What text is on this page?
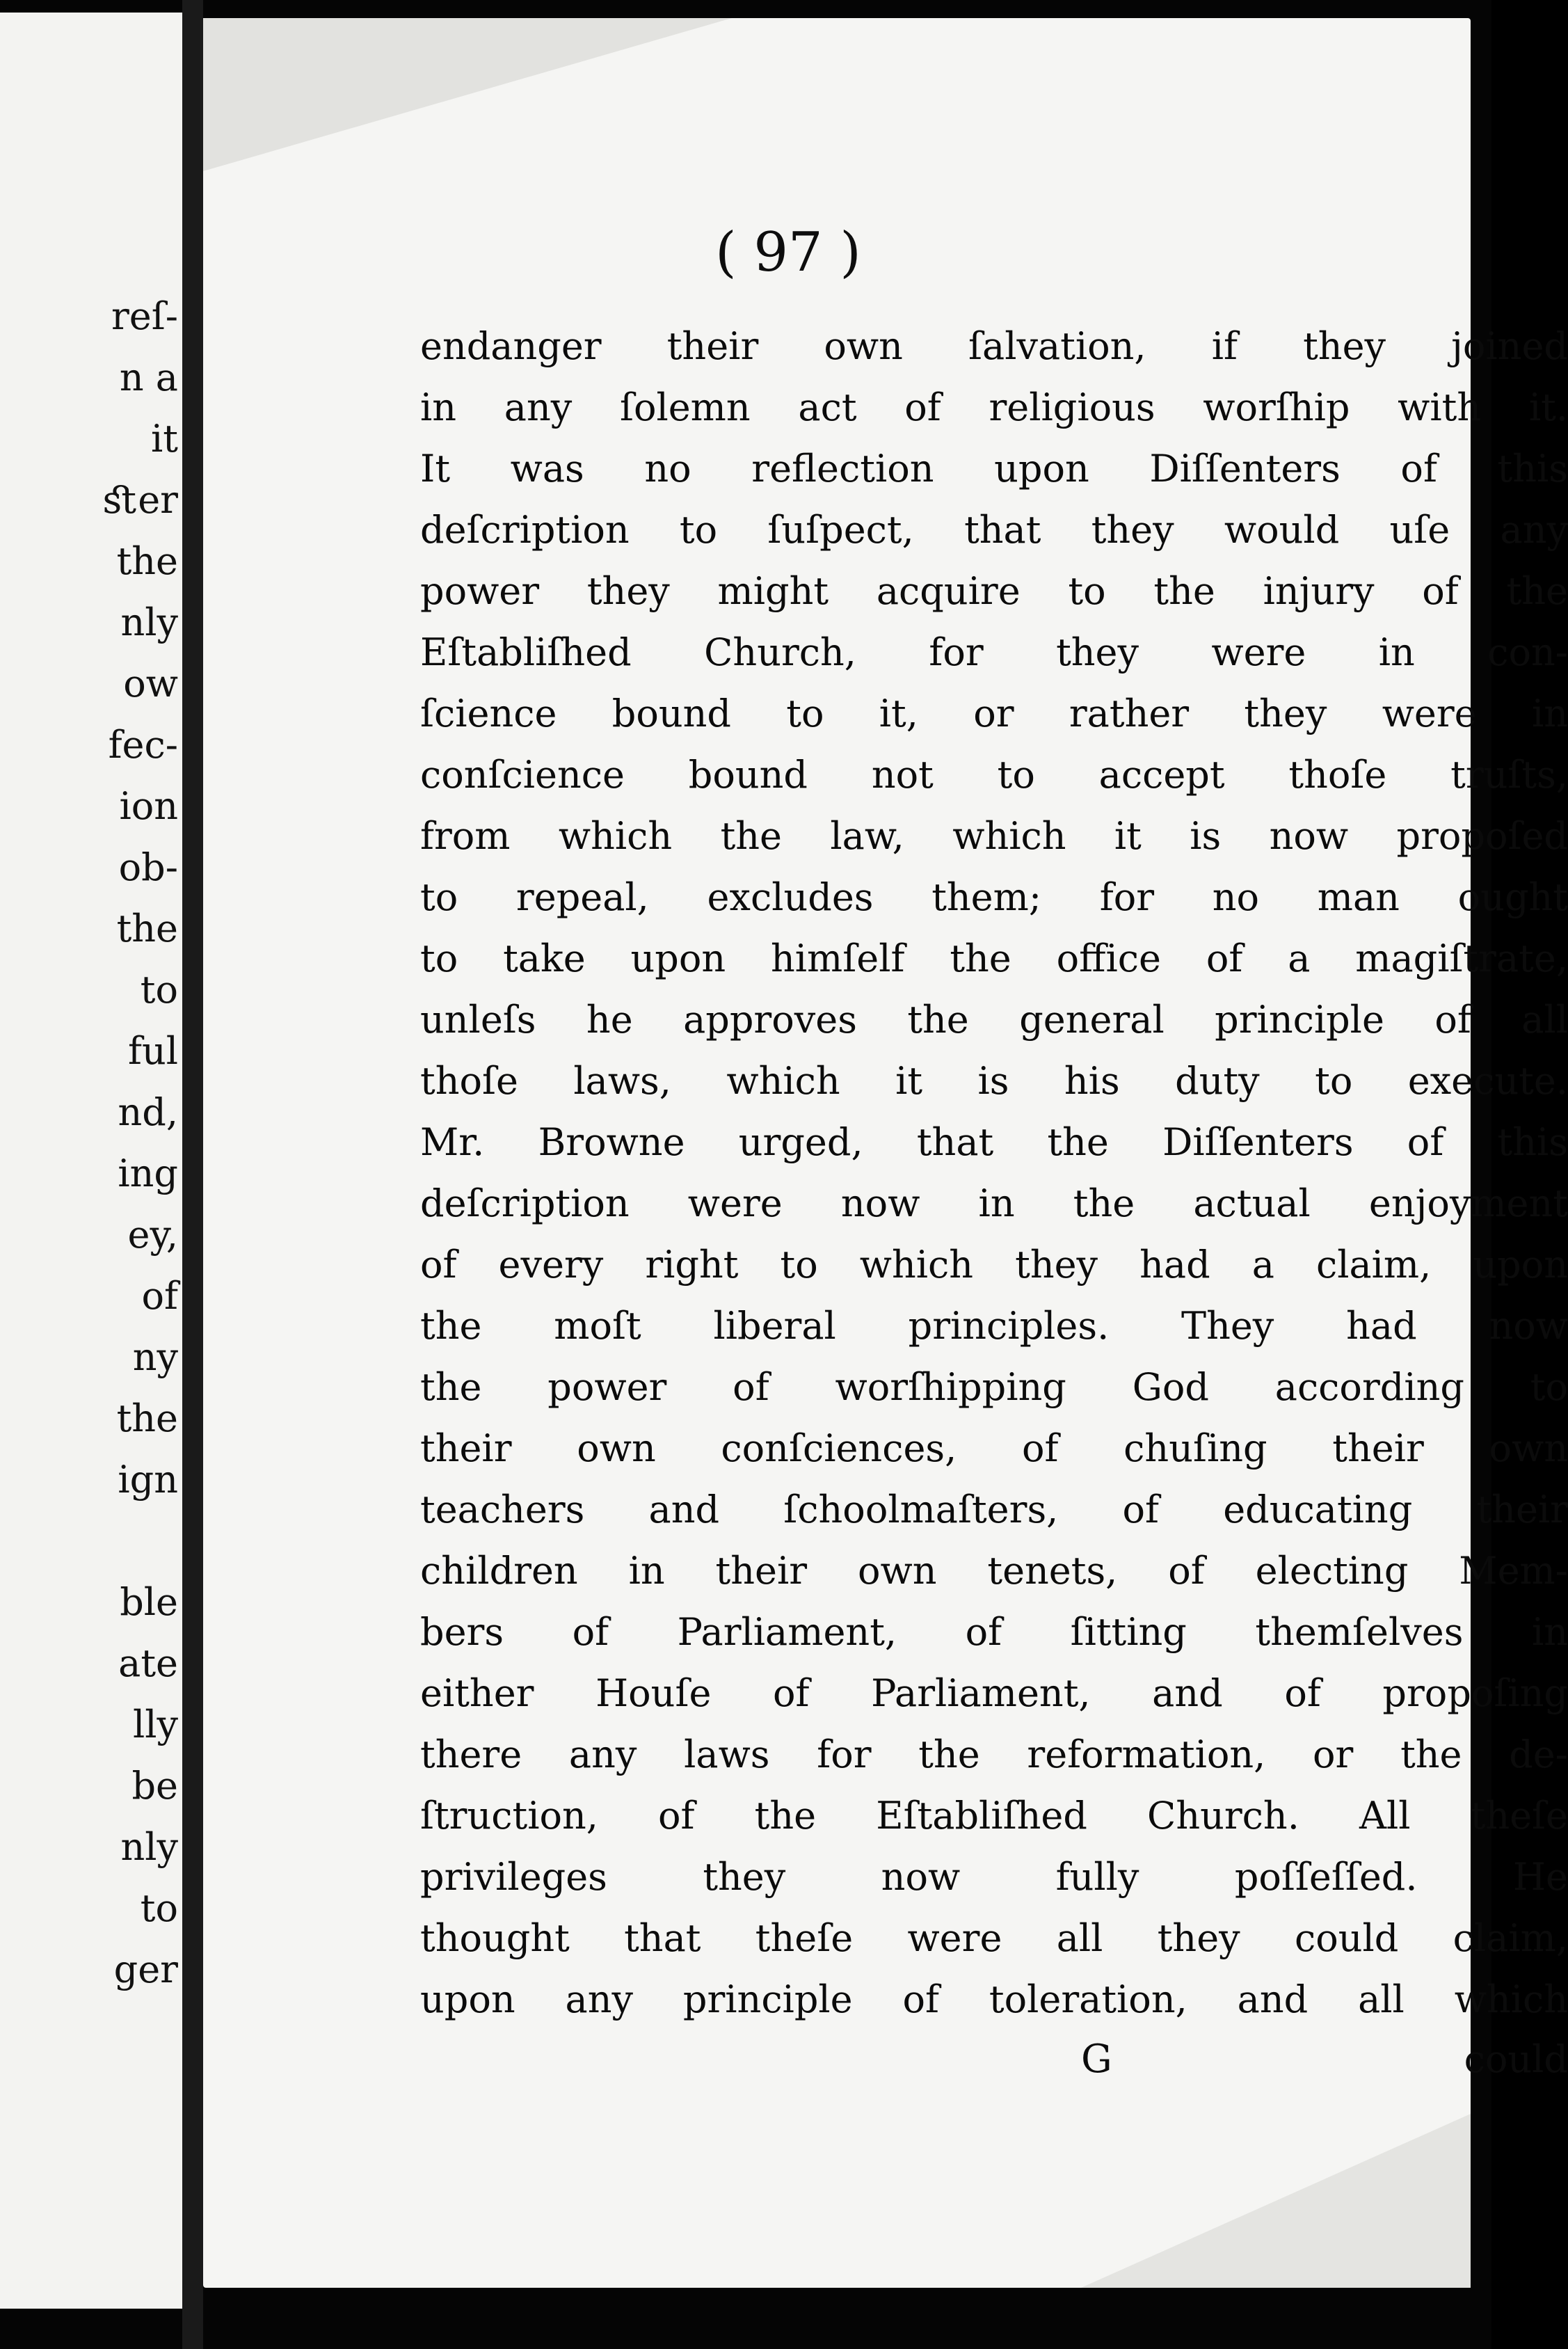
reſ-
n a
it
ﬆer
the
nly
ow
fec-
ion
ob-
the
to
ful
nd,
ing
ey,
of
ny
the
ign
ble
ate
lly
be
nly
to
ger
( 97 )
endanger their own ſalvation, if they joined
in any ſolemn act of religious worſhip with it.
It was no reflection upon Diſſenters of this
deſcription to ſuſpect, that they would uſe any
power they might acquire to the injury of the
Eſtabliſhed Church, for they were in con-
ſcience bound to it, or rather they were in
conſcience bound not to accept thoſe truſts,
from which the law, which it is now propoſed
to repeal, excludes them; for no man ought
to take upon himſelf the office of a magiſtrate,
unleſs he approves the general principle of all
thoſe laws, which it is his duty to execute.
Mr. Browne urged, that the Diſſenters of this
deſcription were now in the actual enjoyment
of every right to which they had a claim, upon
the moſt liberal principles. They had now
the power of worſhipping God according to
their own conſciences, of chuſing their own
teachers and ſchoolmaſters, of educating their
children in their own tenets, of electing Mem-
bers of Parliament, of ſitting themſelves in
either Houſe of Parliament, and of propoſing
there any laws for the reformation, or the de-
ſtruction, of the Eſtabliſhed Church. All theſe
privileges they now fully poſſeſſed. He
thought that theſe were all they could claim,
upon any principle of toleration, and all which
G	could
